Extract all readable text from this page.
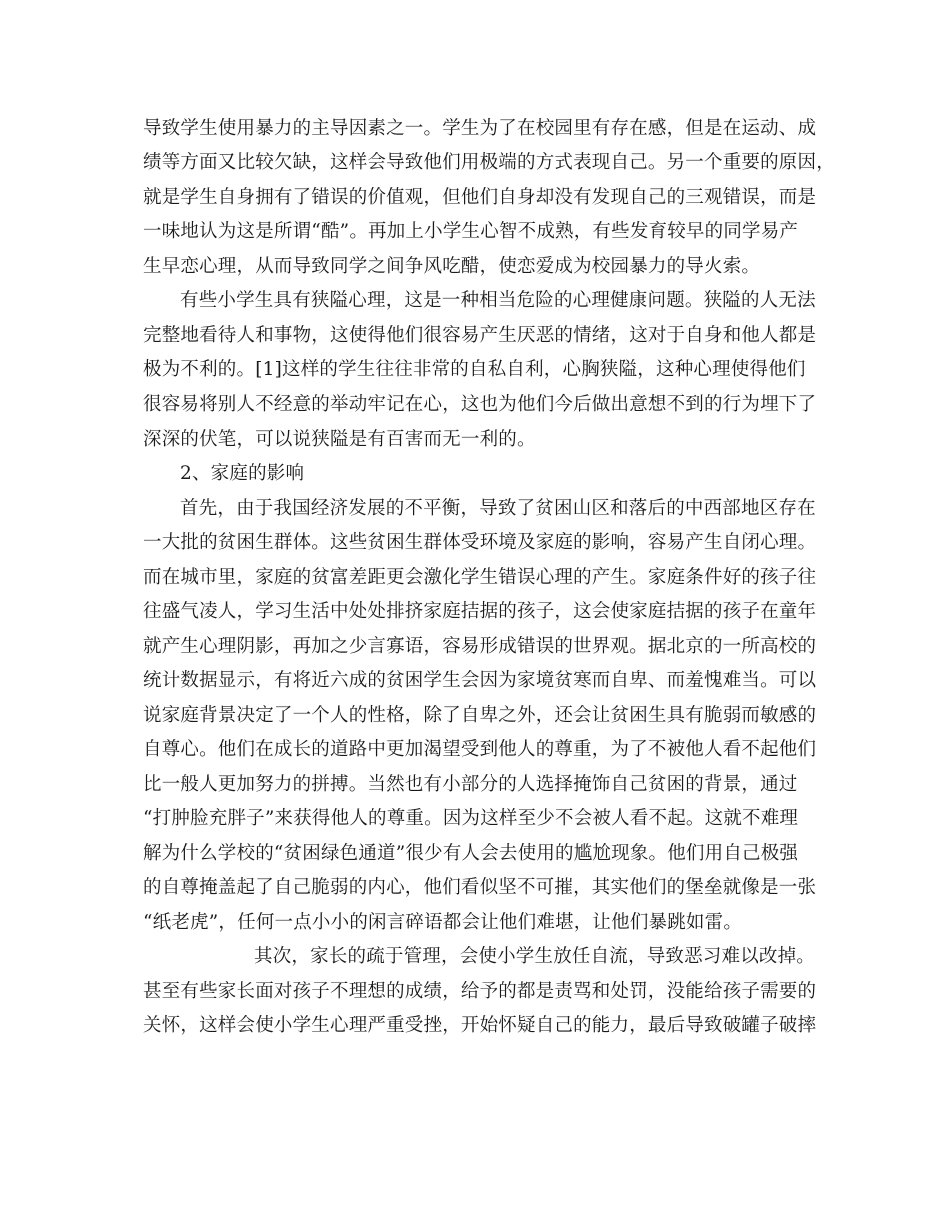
导致学生使用暴力的主导因素之一。学生为了在校园里有存在感，但是在运动、成
绩等方面又比较欠缺，这样会导致他们用极端的方式表现自己。另一个重要的原因，
就是学生自身拥有了错误的价值观，但他们自身却没有发现自己的三观错误，而是
一味地认为这是所谓“酷”。再加上小学生心智不成熟，有些发育较早的同学易产
生早恋心理，从而导致同学之间争风吃醋，使恋爱成为校园暴力的导火索。
有些小学生具有狭隘心理，这是一种相当危险的心理健康问题。狭隘的人无法
完整地看待人和事物，这使得他们很容易产生厌恶的情绪，这对于自身和他人都是
极为不利的。[1]这样的学生往往非常的自私自利，心胸狭隘，这种心理使得他们
很容易将别人不经意的举动牢记在心，这也为他们今后做出意想不到的行为埋下了
深深的伏笔，可以说狭隘是有百害而无一利的。
2、家庭的影响
首先，由于我国经济发展的不平衡，导致了贫困山区和落后的中西部地区存在
一大批的贫困生群体。这些贫困生群体受环境及家庭的影响，容易产生自闭心理。
而在城市里，家庭的贫富差距更会激化学生错误心理的产生。家庭条件好的孩子往
往盛气凌人，学习生活中处处排挤家庭拮据的孩子，这会使家庭拮据的孩子在童年
就产生心理阴影，再加之少言寡语，容易形成错误的世界观。据北京的一所高校的
统计数据显示，有将近六成的贫困学生会因为家境贫寒而自卑、而羞愧难当。可以
说家庭背景决定了一个人的性格，除了自卑之外，还会让贫困生具有脆弱而敏感的
自尊心。他们在成长的道路中更加渴望受到他人的尊重，为了不被他人看不起他们
比一般人更加努力的拼搏。当然也有小部分的人选择掩饰自己贫困的背景，通过
“打肿脸充胖子”来获得他人的尊重。因为这样至少不会被人看不起。这就不难理
解为什么学校的“贫困绿色通道”很少有人会去使用的尴尬现象。他们用自己极强
的自尊掩盖起了自己脆弱的内心，他们看似坚不可摧，其实他们的堡垒就像是一张
“纸老虎”，任何一点小小的闲言碎语都会让他们难堪，让他们暴跳如雷。
其次，家长的疏于管理，会使小学生放任自流，导致恶习难以改掉。
甚至有些家长面对孩子不理想的成绩，给予的都是责骂和处罚，没能给孩子需要的
关怀，这样会使小学生心理严重受挫，开始怀疑自己的能力，最后导致破罐子破摔
